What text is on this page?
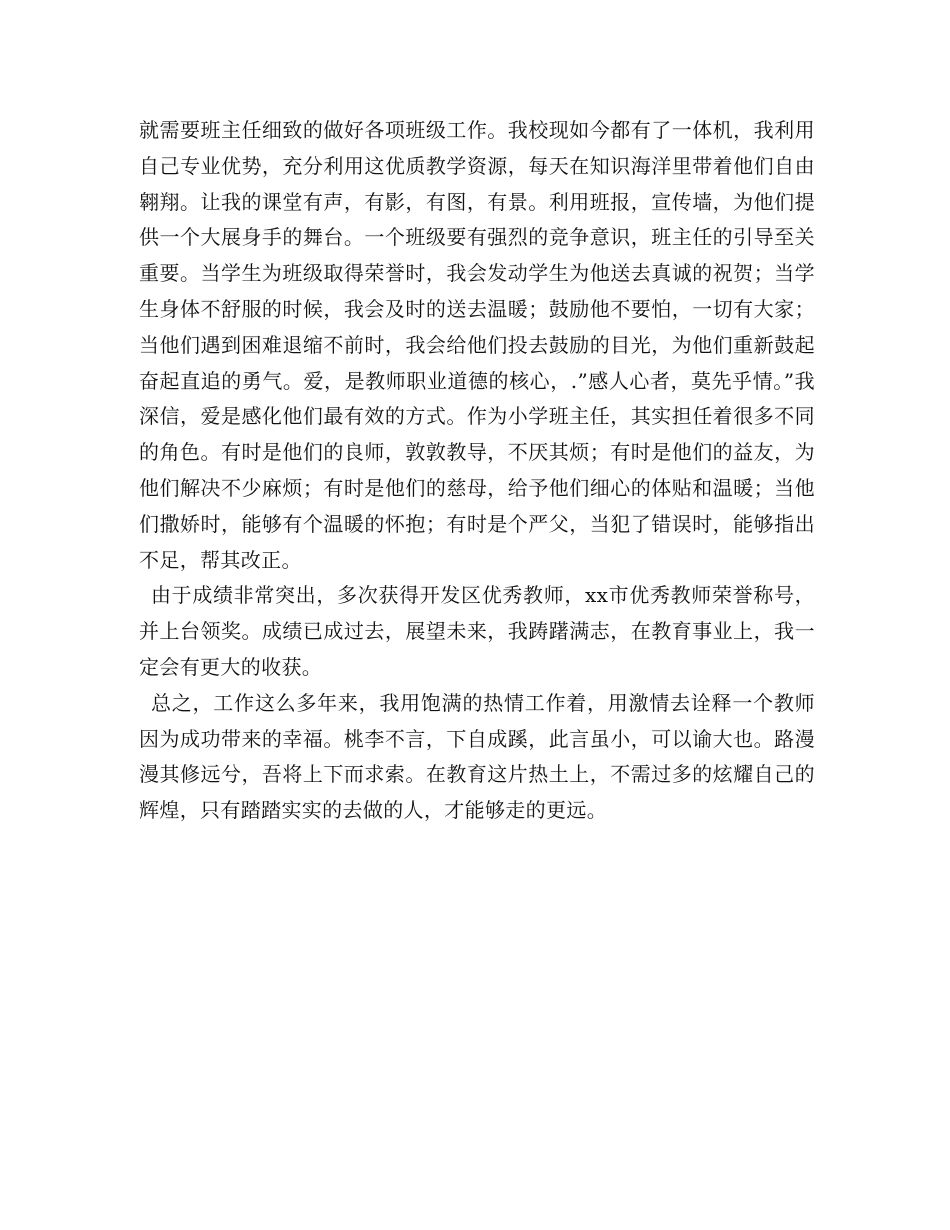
就需要班主任细致的做好各项班级工作。我校现如今都有了一体机，我利用自己专业优势，充分利用这优质教学资源，每天在知识海洋里带着他们自由翱翔。让我的课堂有声，有影，有图，有景。利用班报，宣传墙，为他们提供一个大展身手的舞台。一个班级要有强烈的竞争意识，班主任的引导至关重要。当学生为班级取得荣誉时，我会发动学生为他送去真诚的祝贺；当学生身体不舒服的时候，我会及时的送去温暖；鼓励他不要怕，一切有大家；当他们遇到困难退缩不前时，我会给他们投去鼓励的目光，为他们重新鼓起奋起直追的勇气。爱，是教师职业道德的核心，.”感人心者，莫先乎情。”我深信，爱是感化他们最有效的方式。作为小学班主任，其实担任着很多不同的角色。有时是他们的良师，敦敦教导，不厌其烦；有时是他们的益友，为他们解决不少麻烦；有时是他们的慈母，给予他们细心的体贴和温暖；当他们撒娇时，能够有个温暖的怀抱；有时是个严父，当犯了错误时，能够指出不足，帮其改正。

由于成绩非常突出，多次获得开发区优秀教师，xx市优秀教师荣誉称号，并上台领奖。成绩已成过去，展望未来，我踌躇满志，在教育事业上，我一定会有更大的收获。

总之，工作这么多年来，我用饱满的热情工作着，用激情去诠释一个教师因为成功带来的幸福。桃李不言，下自成蹊，此言虽小，可以谕大也。路漫漫其修远兮，吾将上下而求索。在教育这片热土上，不需过多的炫耀自己的辉煌，只有踏踏实实的去做的人，才能够走的更远。
